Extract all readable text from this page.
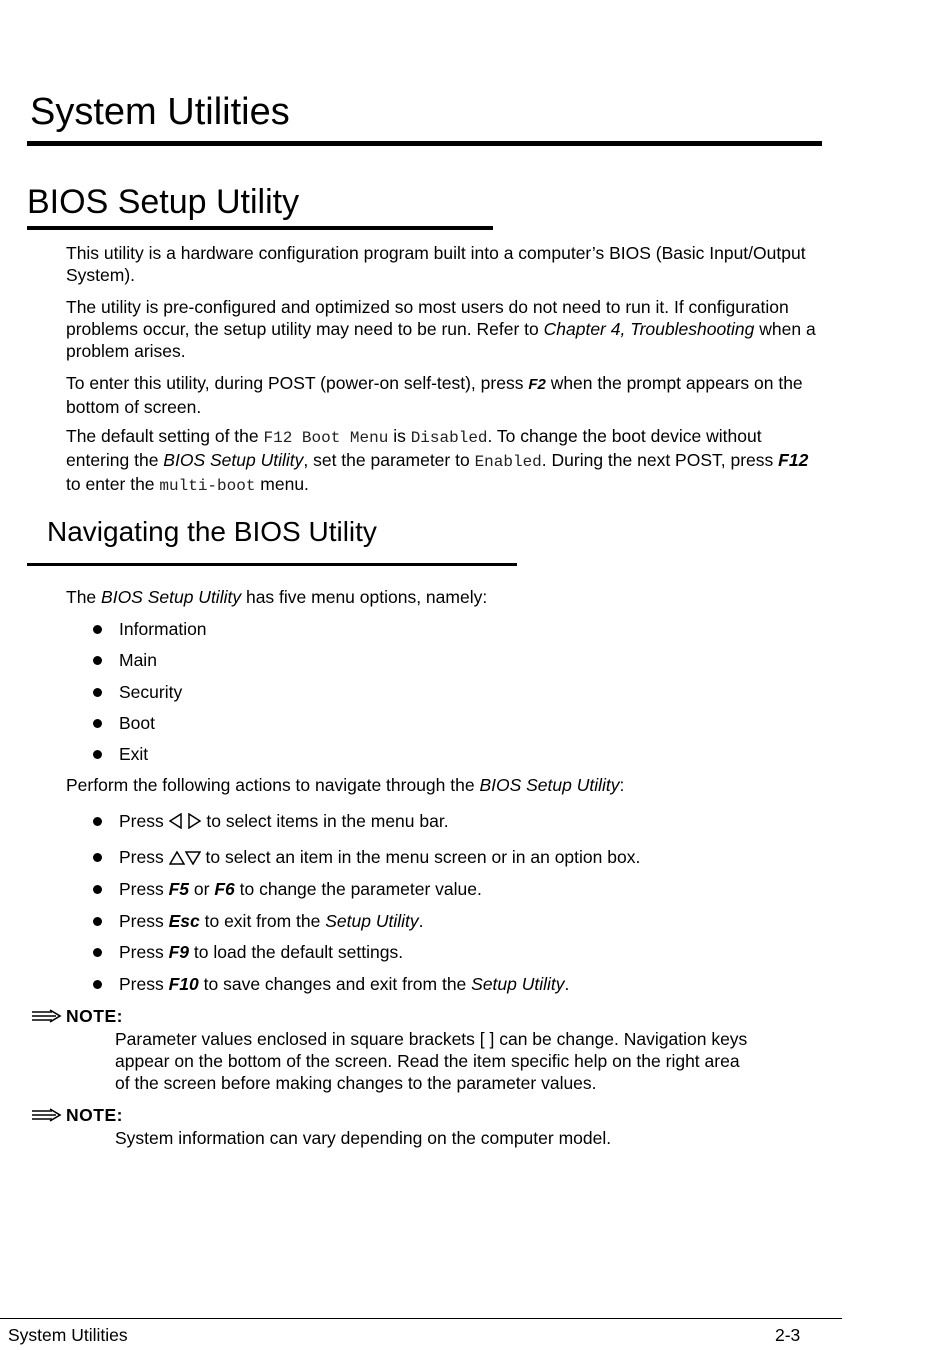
System Utilities
BIOS Setup Utility

This utility is a hardware configuration program built into a computer’s BIOS (Basic Input/Output System).

The utility is pre-configured and optimized so most users do not need to run it. If configuration problems occur, the setup utility may need to be run. Refer to Chapter 4, Troubleshooting when a problem arises.

To enter this utility, during POST (power-on self-test), press F2 when the prompt appears on the bottom of screen.

The default setting of the F12 Boot Menu is Disabled. To change the boot device without entering the BIOS Setup Utility, set the parameter to Enabled. During the next POST, press F12 to enter the multi-boot menu.

Navigating the BIOS Utility

The BIOS Setup Utility has five menu options, namely:

Information
Main
Security
Boot
Exit

Perform the following actions to navigate through the BIOS Setup Utility:

Press to select items in the menu bar.
Press to select an item in the menu screen or in an option box.
Press F5 or F6 to change the parameter value.
Press Esc to exit from the Setup Utility.
Press F9 to load the default settings.
Press F10 to save changes and exit from the Setup Utility.
NOTE:

Parameter values enclosed in square brackets [ ] can be change. Navigation keys appear on the bottom of the screen. Read the item specific help on the right area of the screen before making changes to the parameter values.

NOTE:

System information can vary depending on the computer model.

System Utilities	2-3
